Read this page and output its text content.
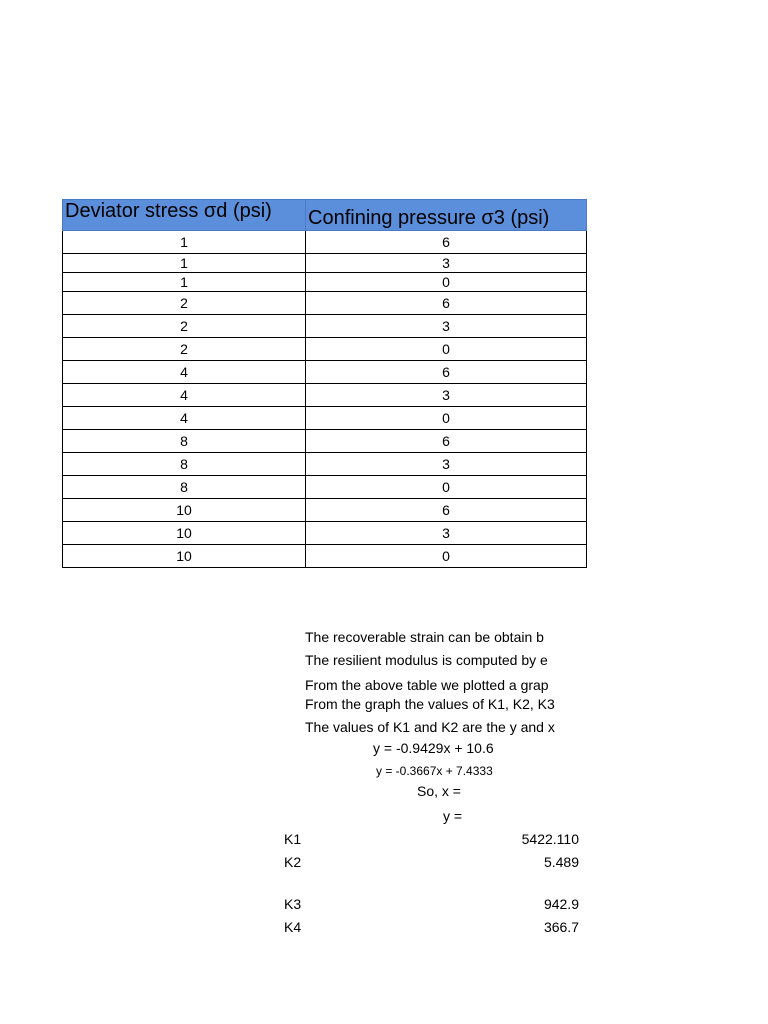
Deviator stress σd (psi)	Confining pressure σ3 (psi)
1	6
1	3
1	0
2	6
2	3
2	0
4	6
4	3
4	0
8	6
8	3
8	0
10	6
10	3
10	0
The recoverable strain can be obtain b
The resilient modulus is computed by e
From the above table we plotted a grap
From the graph the values of K1, K2, K3
The values of K1 and K2 are the y and x
y = -0.9429x + 10.6
y = -0.3667x + 7.4333
So, x =
y =
K1	5422.110
K2	5.489
K3	942.9
K4	366.7
